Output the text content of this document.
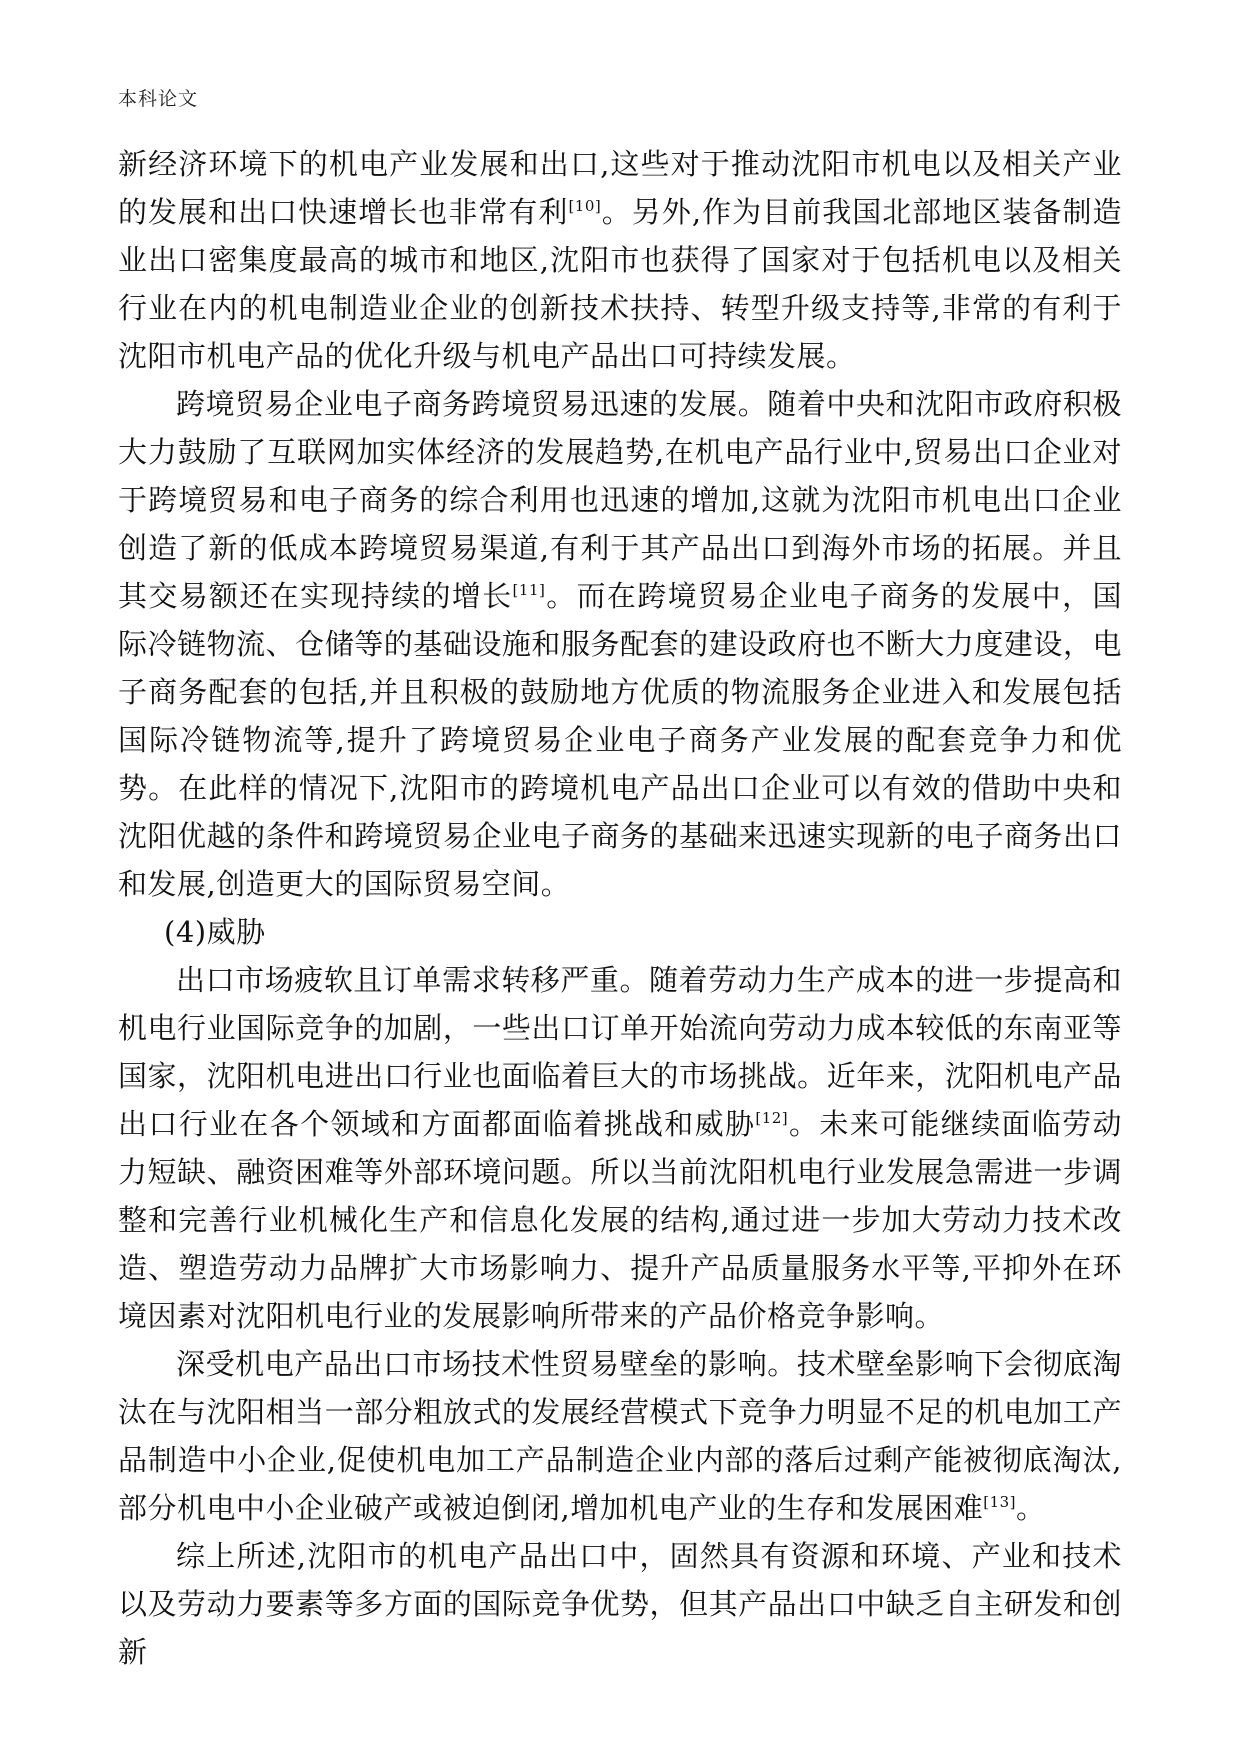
本科论文

新经济环境下的机电产业发展和出口,这些对于推动沈阳市机电以及相关产业的发展和出口快速增长也非常有利[10]。另外,作为目前我国北部地区装备制造业出口密集度最高的城市和地区,沈阳市也获得了国家对于包括机电以及相关行业在内的机电制造业企业的创新技术扶持、转型升级支持等,非常的有利于沈阳市机电产品的优化升级与机电产品出口可持续发展。

跨境贸易企业电子商务跨境贸易迅速的发展。随着中央和沈阳市政府积极大力鼓励了互联网加实体经济的发展趋势,在机电产品行业中,贸易出口企业对于跨境贸易和电子商务的综合利用也迅速的增加,这就为沈阳市机电出口企业创造了新的低成本跨境贸易渠道,有利于其产品出口到海外市场的拓展。并且其交易额还在实现持续的增长[11]。而在跨境贸易企业电子商务的发展中，国际冷链物流、仓储等的基础设施和服务配套的建设政府也不断大力度建设，电子商务配套的包括,并且积极的鼓励地方优质的物流服务企业进入和发展包括国际冷链物流等,提升了跨境贸易企业电子商务产业发展的配套竞争力和优势。在此样的情况下,沈阳市的跨境机电产品出口企业可以有效的借助中央和沈阳优越的条件和跨境贸易企业电子商务的基础来迅速实现新的电子商务出口和发展,创造更大的国际贸易空间。

(4)威胁

出口市场疲软且订单需求转移严重。随着劳动力生产成本的进一步提高和机电行业国际竞争的加剧，一些出口订单开始流向劳动力成本较低的东南亚等国家，沈阳机电进出口行业也面临着巨大的市场挑战。近年来，沈阳机电产品出口行业在各个领域和方面都面临着挑战和威胁[12]。未来可能继续面临劳动力短缺、融资困难等外部环境问题。所以当前沈阳机电行业发展急需进一步调整和完善行业机械化生产和信息化发展的结构,通过进一步加大劳动力技术改造、塑造劳动力品牌扩大市场影响力、提升产品质量服务水平等,平抑外在环境因素对沈阳机电行业的发展影响所带来的产品价格竞争影响。

深受机电产品出口市场技术性贸易壁垒的影响。技术壁垒影响下会彻底淘汰在与沈阳相当一部分粗放式的发展经营模式下竞争力明显不足的机电加工产品制造中小企业,促使机电加工产品制造企业内部的落后过剩产能被彻底淘汰,部分机电中小企业破产或被迫倒闭,增加机电产业的生存和发展困难[13]。

综上所述,沈阳市的机电产品出口中，固然具有资源和环境、产业和技术以及劳动力要素等多方面的国际竞争优势，但其产品出口中缺乏自主研发和创新
